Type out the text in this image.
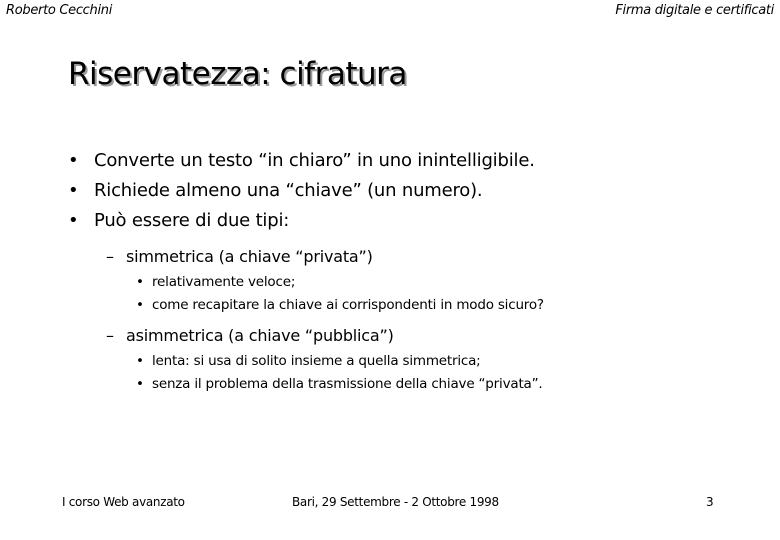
Roberto Cecchini	Firma digitale e certificati
Riservatezza: cifratura
• Converte un testo “in chiaro” in uno inintelligibile.
• Richiede almeno una “chiave” (un numero).
• Può essere di due tipi:
– simmetrica (a chiave “privata”)
• relativamente veloce;
• come recapitare la chiave ai corrispondenti in modo sicuro?
– asimmetrica (a chiave “pubblica”)
• lenta: si usa di solito insieme a quella simmetrica;
• senza il problema della trasmissione della chiave “privata”.
I corso Web avanzato	Bari, 29 Settembre - 2 Ottobre 1998	3
